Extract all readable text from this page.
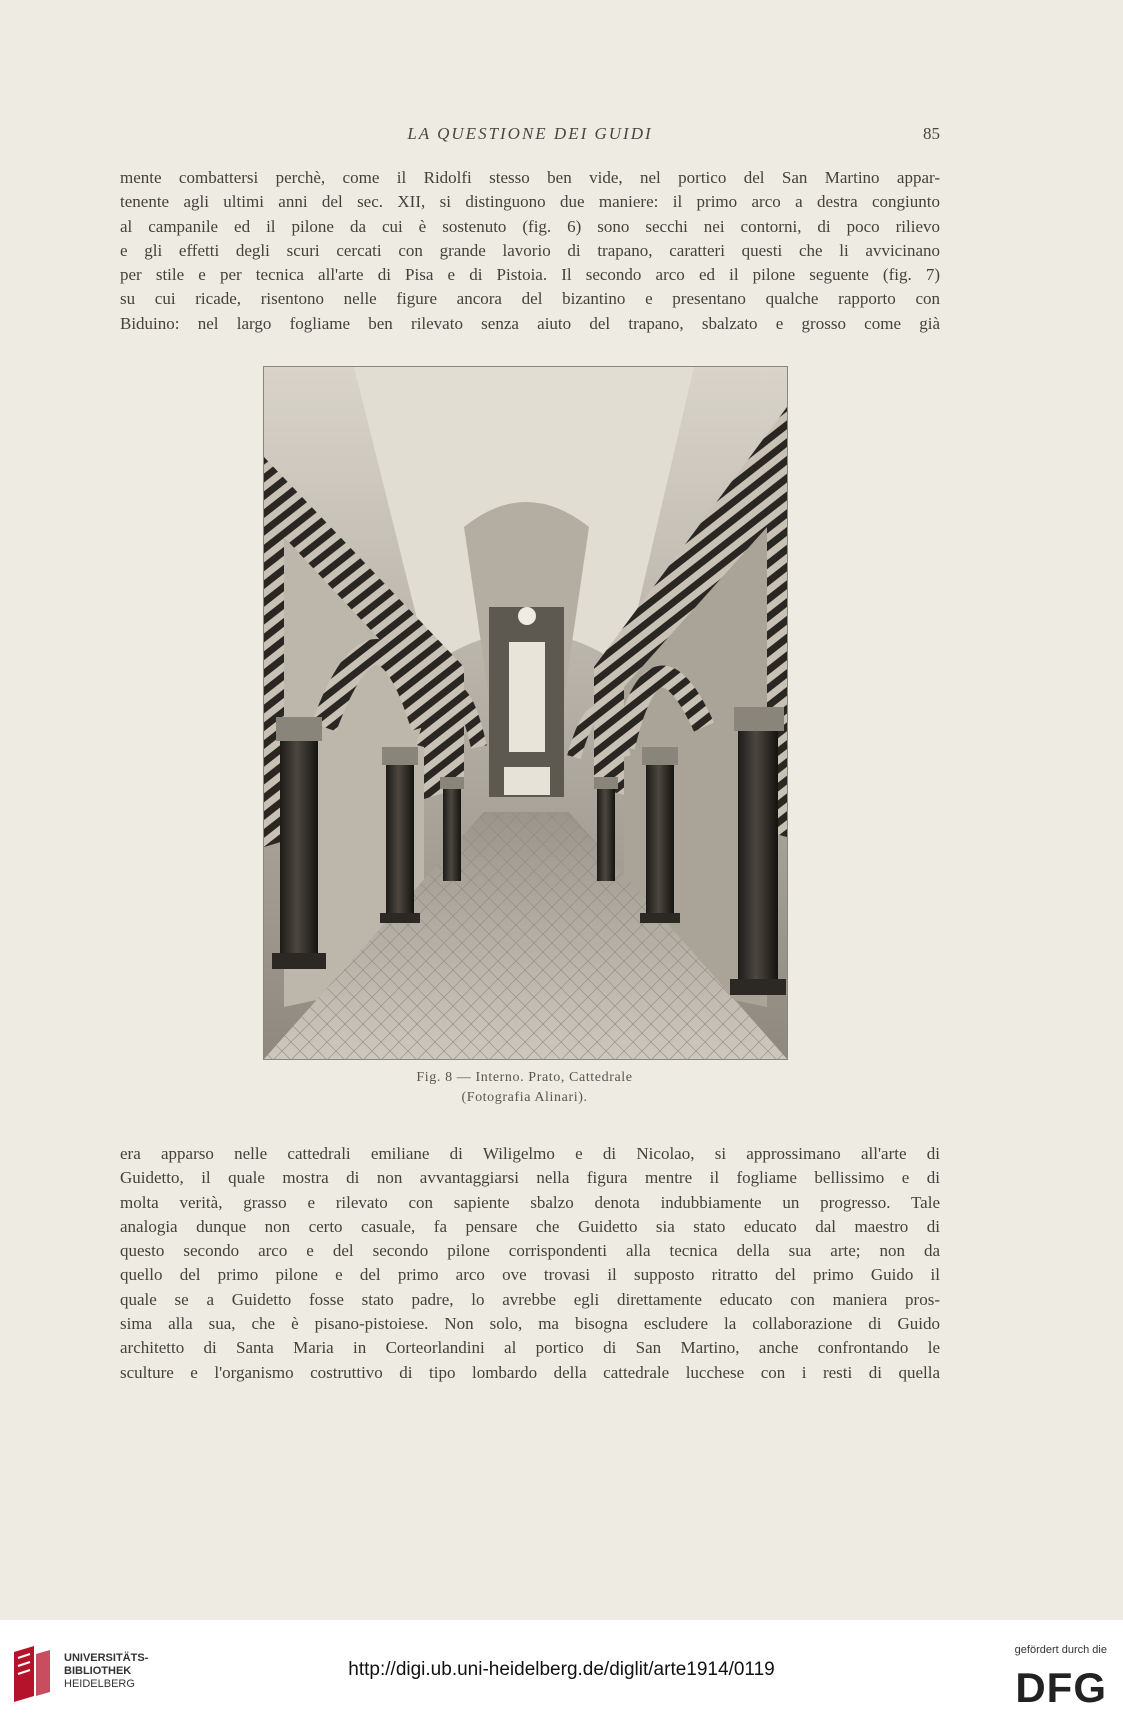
LA QUESTIONE DEI GUIDI	85

mente combattersi perchè, come il Ridolfi stesso ben vide, nel portico del San Martino appar-
tenente agli ultimi anni del sec. XII, si distinguono due maniere: il primo arco a destra congiunto
al campanile ed il pilone da cui è sostenuto (fig. 6) sono secchi nei contorni, di poco rilievo
e gli effetti degli scuri cercati con grande lavorio di trapano, caratteri questi che li avvicinano
per stile e per tecnica all'arte di Pisa e di Pistoia. Il secondo arco ed il pilone seguente (fig. 7)
su cui ricade, risentono nelle figure ancora del bizantino e presentano qualche rapporto con
Biduino: nel largo fogliame ben rilevato senza aiuto del trapano, sbalzato e grosso come già

Fig. 8 — Interno. Prato, Cattedrale
(Fotografia Alinari).

era apparso nelle cattedrali emiliane di Wiligelmo e di Nicolao, si approssimano all'arte di
Guidetto, il quale mostra di non avvantaggiarsi nella figura mentre il fogliame bellissimo e di
molta verità, grasso e rilevato con sapiente sbalzo denota indubbiamente un progresso. Tale
analogia dunque non certo casuale, fa pensare che Guidetto sia stato educato dal maestro di
questo secondo arco e del secondo pilone corrispondenti alla tecnica della sua arte; non da
quello del primo pilone e del primo arco ove trovasi il supposto ritratto del primo Guido il
quale se a Guidetto fosse stato padre, lo avrebbe egli direttamente educato con maniera pros-
sima alla sua, che è pisano-pistoiese. Non solo, ma bisogna escludere la collaborazione di Guido
architetto di Santa Maria in Corteorlandini al portico di San Martino, anche confrontando le
sculture e l'organismo costruttivo di tipo lombardo della cattedrale lucchese con i resti di quella

UNIVERSITÄTS-
BIBLIOTHEK
HEIDELBERG
http://digi.ub.uni-heidelberg.de/diglit/arte1914/0119
gefördert durch die
DFG
